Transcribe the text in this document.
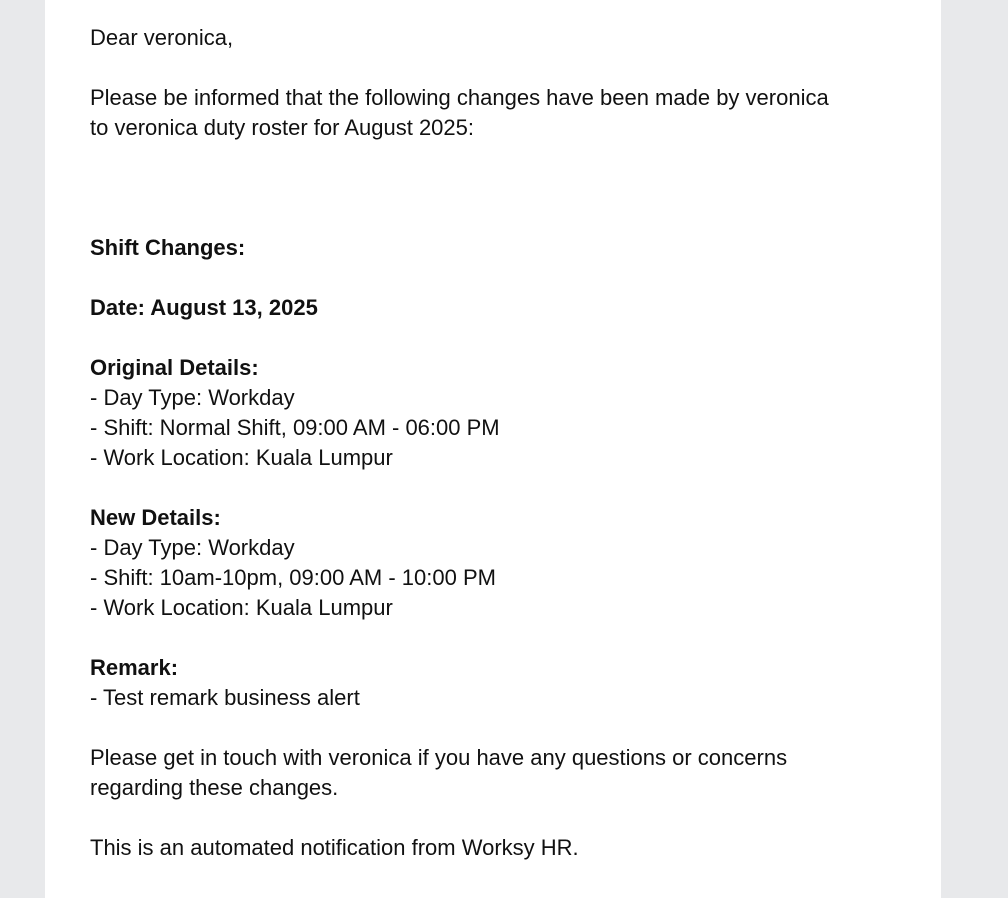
Dear veronica,

Please be informed that the following changes have been made by veronica

to veronica duty roster for August 2025:

Shift Changes:

Date: August 13, 2025

Original Details:

- Day Type: Workday

- Shift: Normal Shift, 09:00 AM - 06:00 PM

- Work Location: Kuala Lumpur

New Details:

- Day Type: Workday

- Shift: 10am-10pm, 09:00 AM - 10:00 PM

- Work Location: Kuala Lumpur

Remark:

- Test remark business alert

Please get in touch with veronica if you have any questions or concerns

regarding these changes.

This is an automated notification from Worksy HR.
